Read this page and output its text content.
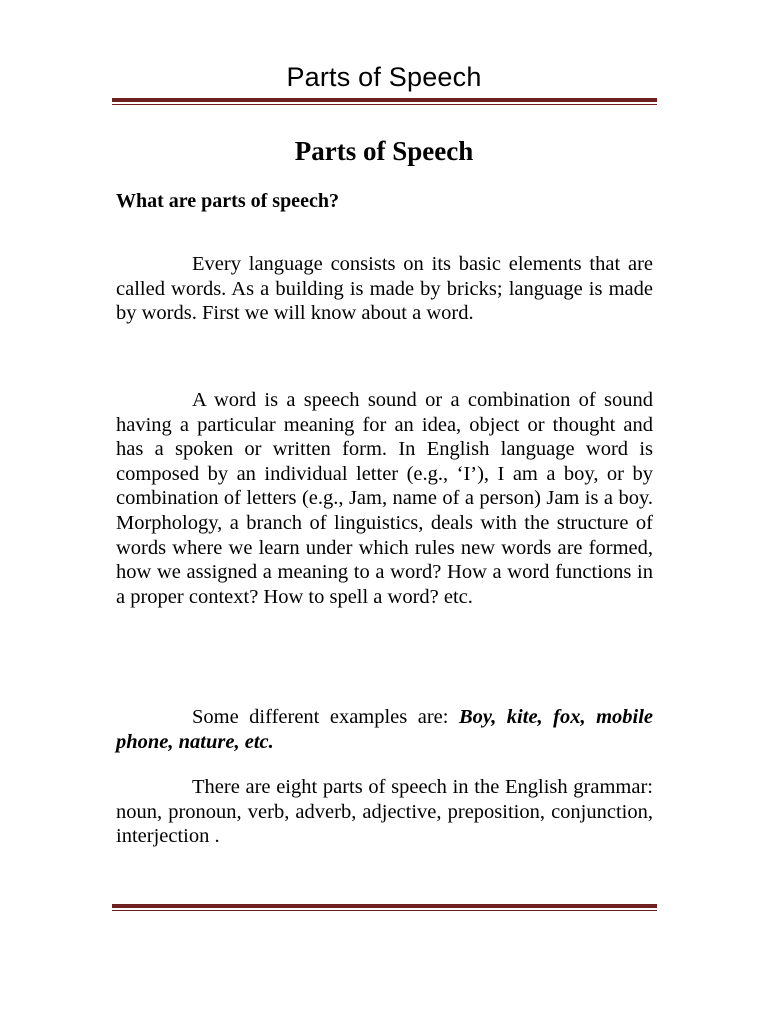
Parts of Speech
Parts of Speech
What are parts of speech?

Every language consists on its basic elements that are called words. As a building is made by bricks; language is made by words. First we will know about a word.

A word is a speech sound or a combination of sound having a particular meaning for an idea, object or thought and has a spoken or written form. In English language word is composed by an individual letter (e.g., ‘I’), I am a boy, or by combination of letters (e.g., Jam, name of a person) Jam is a boy. Morphology, a branch of linguistics, deals with the structure of words where we learn under which rules new words are formed, how we assigned a meaning to a word? How a word functions in a proper context? How to spell a word? etc.

Some different examples are: Boy, kite, fox, mobile phone, nature, etc.

There are eight parts of speech in the English grammar: noun, pronoun, verb, adverb, adjective, preposition, conjunction, interjection .
